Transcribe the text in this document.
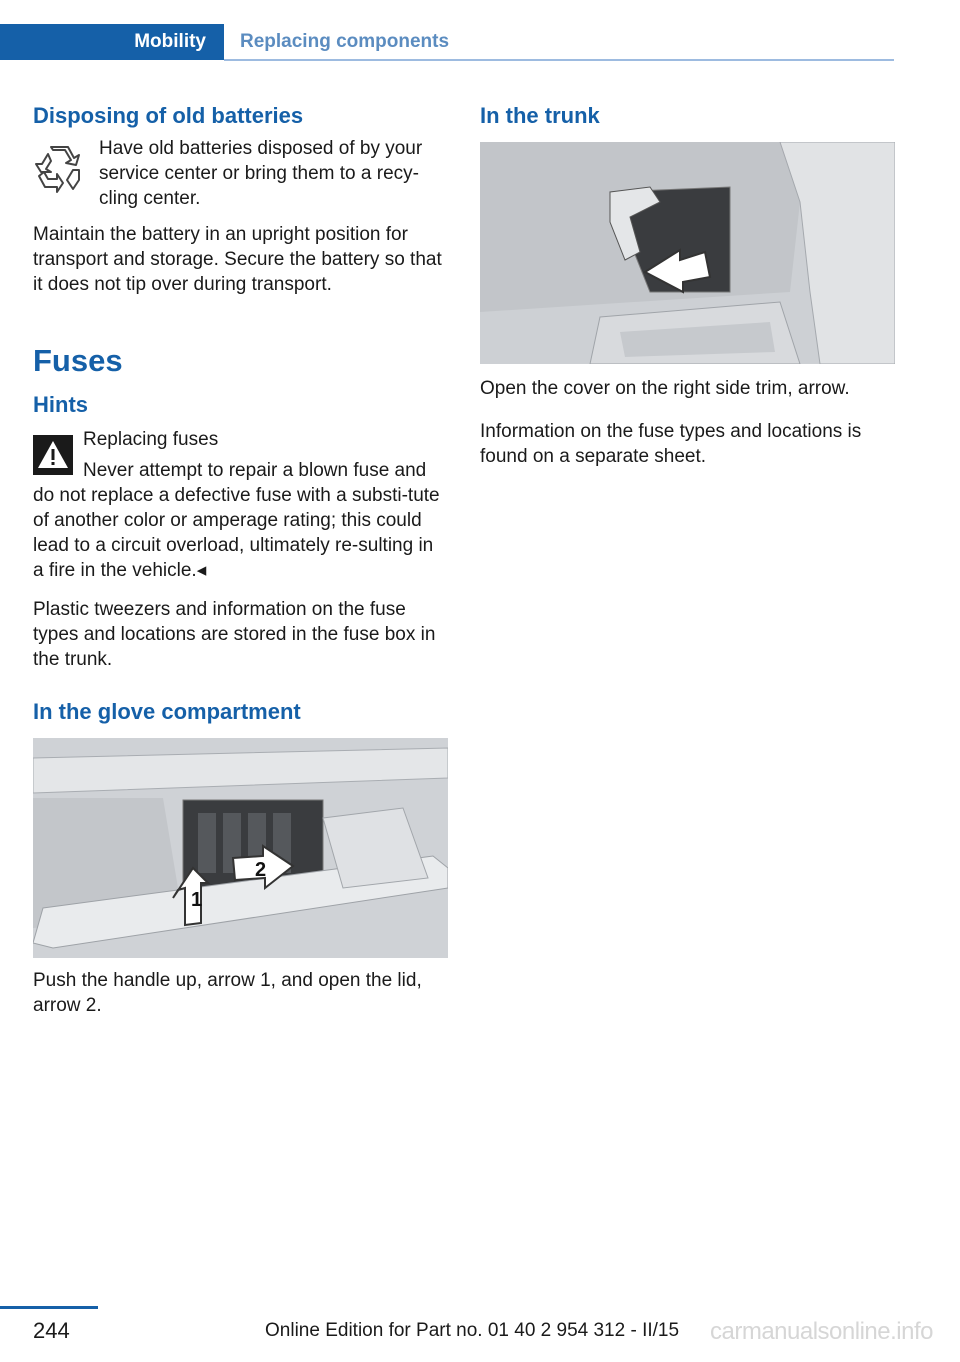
Mobility	Replacing components
Disposing of old batteries

Have old batteries disposed of by your service center or bring them to a recy-cling center.

Maintain the battery in an upright position for transport and storage. Secure the battery so that it does not tip over during transport.

Fuses
Hints

Replacing fuses

Never attempt to repair a blown fuse and do not replace a defective fuse with a substi-tute of another color or amperage rating; this could lead to a circuit overload, ultimately re-sulting in a fire in the vehicle.◂

Plastic tweezers and information on the fuse types and locations are stored in the fuse box in the trunk.

In the glove compartment
1
2

Push the handle up, arrow 1, and open the lid, arrow 2.

In the trunk

Open the cover on the right side trim, arrow.

Information on the fuse types and locations is found on a separate sheet.

244	Online Edition for Part no. 01 40 2 954 312 - II/15 carmanualsonline.info
